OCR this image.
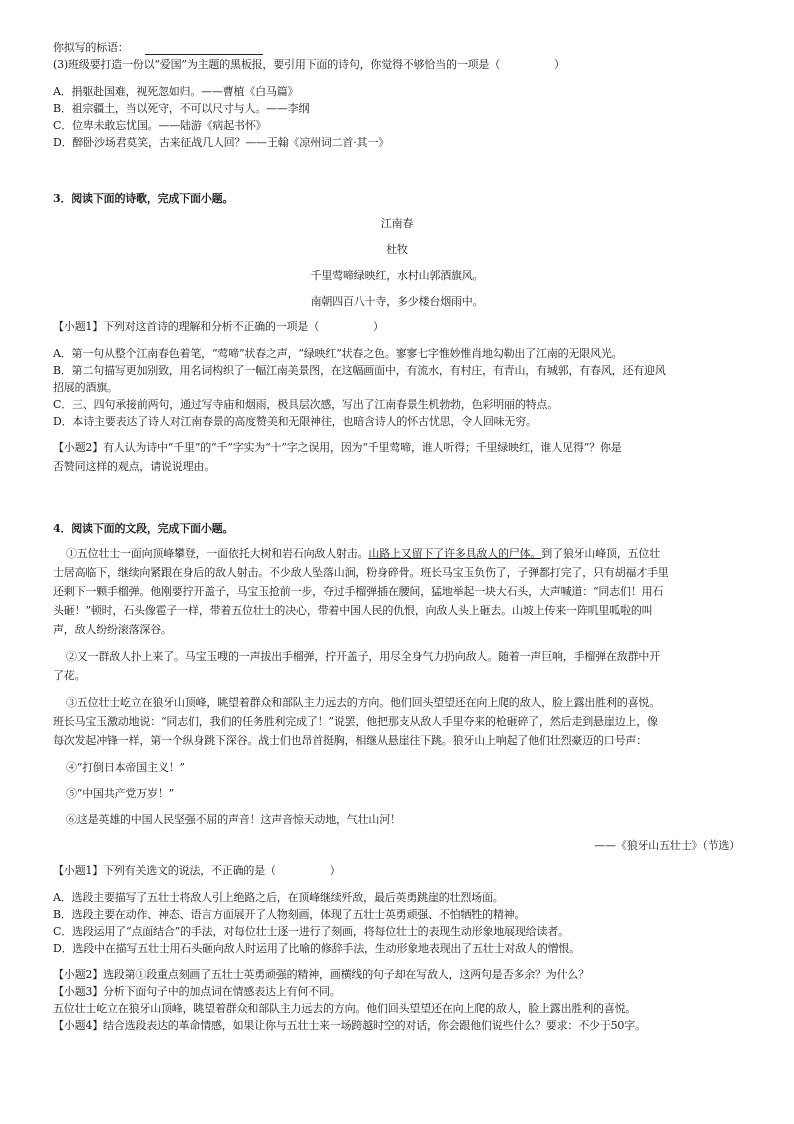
你拟写的标语：
(3)班级要打造一份以“爱国”为主题的黑板报，要引用下面的诗句，你觉得不够恰当的一项是（　　　　　）
A．捐躯赴国难，视死忽如归。——曹植《白马篇》
B．祖宗疆土，当以死守，不可以尺寸与人。——李纲
C．位卑未敢忘忧国。——陆游《病起书怀》
D．醉卧沙场君莫笑，古来征战几人回？——王翰《凉州词二首·其一》
3．阅读下面的诗歌，完成下面小题。
江南春
杜牧
千里莺啼绿映红，水村山郭酒旗风。
南朝四百八十寺，多少楼台烟雨中。
【小题1】下列对这首诗的理解和分析不正确的一项是（　　　　　）
A．第一句从整个江南春色着笔，“莺啼”状春之声，“绿映红”状春之色。寥寥七字惟妙惟肖地勾勒出了江南的无限风光。
B．第二句描写更加别致，用名词构织了一幅江南美景图，在这幅画面中，有流水，有村庄，有青山，有城郭，有春风，还有迎风
招展的酒旗。
C．三、四句承接前两句，通过写寺庙和烟雨，极具层次感，写出了江南春景生机勃勃，色彩明丽的特点。
D．本诗主要表达了诗人对江南春景的高度赞美和无限神往，也暗含诗人的怀古忧思，令人回味无穷。
【小题2】有人认为诗中“千里”的“千”字实为“十”字之误用，因为“千里莺啼，谁人听得；千里绿映红，谁人见得”？你是
否赞同这样的观点，请说说理由。
4．阅读下面的文段，完成下面小题。
①五位壮士一面向顶峰攀登，一面依托大树和岩石向敌人射击。山路上又留下了许多具敌人的尸体。到了狼牙山峰顶，五位壮
士居高临下，继续向紧跟在身后的敌人射击。不少敌人坠落山涧，粉身碎骨。班长马宝玉负伤了，子弹都打完了，只有胡福才手里
还剩下一颗手榴弹。他刚要拧开盖子，马宝玉抢前一步，夺过手榴弹插在腰间，猛地举起一块大石头，大声喊道：“同志们！用石
头砸！”顿时，石头像雹子一样，带着五位壮士的决心，带着中国人民的仇恨，向敌人头上砸去。山坡上传来一阵叽里呱啦的叫
声，敌人纷纷滚落深谷。
②又一群敌人扑上来了。马宝玉嗖的一声拔出手榴弹，拧开盖子，用尽全身气力扔向敌人。随着一声巨响，手榴弹在敌群中开
了花。
③五位壮士屹立在狼牙山顶峰，眺望着群众和部队主力远去的方向。他们回头望望还在向上爬的敌人，脸上露出胜利的喜悦。
班长马宝玉激动地说：“同志们，我们的任务胜利完成了！”说罢，他把那支从敌人手里夺来的枪砸碎了，然后走到悬崖边上，像
每次发起冲锋一样，第一个纵身跳下深谷。战士们也昂首挺胸，相继从悬崖往下跳。狼牙山上响起了他们壮烈豪迈的口号声：
④“打倒日本帝国主义！”
⑤“中国共产党万岁！”
⑥这是英雄的中国人民坚强不屈的声音！这声音惊天动地，气壮山河！
——《狼牙山五壮士》（节选）
【小题1】下列有关选文的说法，不正确的是（　　　　　）
A．选段主要描写了五壮士将敌人引上绝路之后，在顶峰继续歼敌，最后英勇跳崖的壮烈场面。
B．选段主要在动作、神态、语言方面展开了人物刻画，体现了五壮士英勇顽强、不怕牺牲的精神。
C．选段运用了“点面结合”的手法，对每位壮士逐一进行了刻画，将每位壮士的表现生动形象地展现给读者。
D．选段中在描写五壮士用石头砸向敌人时运用了比喻的修辞手法，生动形象地表现出了五壮士对敌人的憎恨。
【小题2】选段第①段重点刻画了五壮士英勇顽强的精神，画横线的句子却在写敌人，这两句是否多余？为什么？
【小题3】分析下面句子中的加点词在情感表达上有何不同。
五位壮士屹立在狼牙山顶峰，眺望着群众和部队主力远去的方向。他们回头望望还在向上爬的敌人，脸上露出胜利的喜悦。
【小题4】结合选段表达的革命情感，如果让你与五壮士来一场跨越时空的对话，你会跟他们说些什么？要求：不少于50字。
